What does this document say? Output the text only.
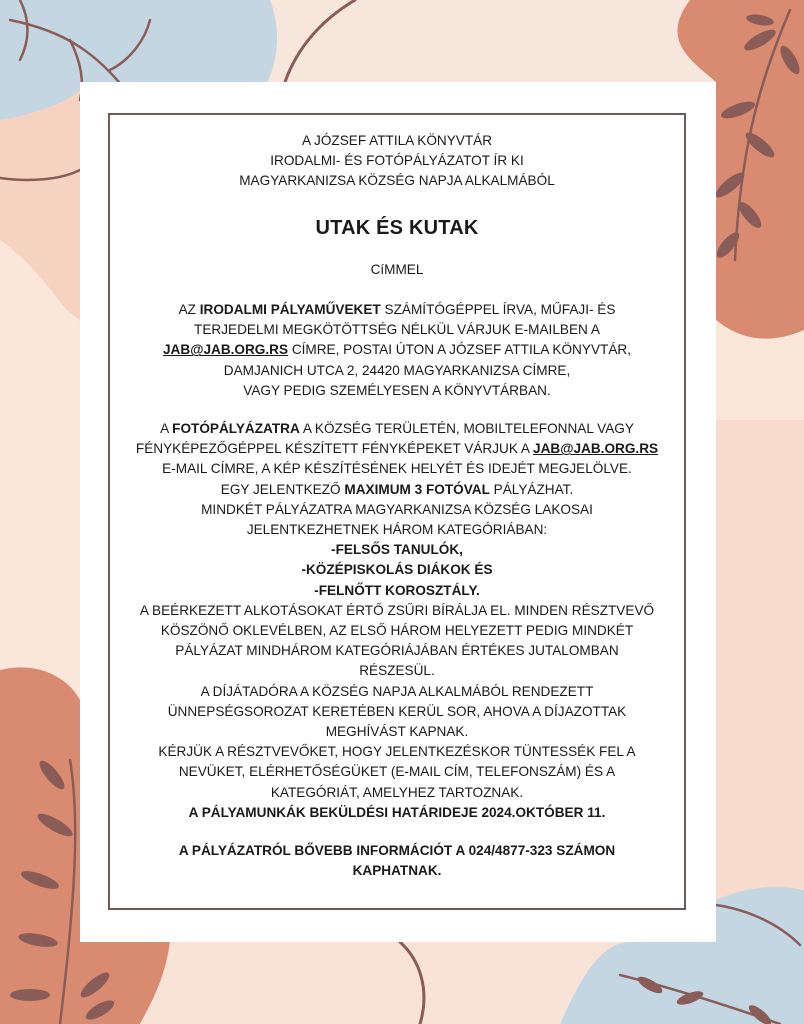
A JÓZSEF ATTILA KÖNYVTÁR

IRODALMI- ÉS FOTÓPÁLYÁZATOT ÍR KI

MAGYARKANIZSA KÖZSÉG NAPJA ALKALMÁBÓL

UTAK ÉS KUTAK

CíMMEL

AZ IRODALMI PÁLYAMŰVEKET SZÁMÍTÓGÉPPEL ÍRVA, MŰFAJI- ÉS

TERJEDELMI MEGKÖTÖTTSÉG NÉLKÜL VÁRJUK E-MAILBEN A

JAB@JAB.ORG.RS CÍMRE, POSTAI ÚTON A JÓZSEF ATTILA KÖNYVTÁR,

DAMJANICH UTCA 2, 24420 MAGYARKANIZSA CÍMRE,

VAGY PEDIG SZEMÉLYESEN A KÖNYVTÁRBAN.

A FOTÓPÁLYÁZATRA A KÖZSÉG TERÜLETÉN, MOBILTELEFONNAL VAGY

FÉNYKÉPEZŐGÉPPEL KÉSZÍTETT FÉNYKÉPEKET VÁRJUK A JAB@JAB.ORG.RS

E-MAIL CÍMRE, A KÉP KÉSZÍTÉSÉNEK HELYÉT ÉS IDEJÉT MEGJELÖLVE.

EGY JELENTKEZŐ MAXIMUM 3 FOTÓVAL PÁLYÁZHAT.

MINDKÉT PÁLYÁZATRA MAGYARKANIZSA KÖZSÉG LAKOSAI

JELENTKEZHETNEK HÁROM KATEGÓRIÁBAN:

-FELSŐS TANULÓK,

-KÖZÉPISKOLÁS DIÁKOK ÉS

-FELNŐTT KOROSZTÁLY.

A BEÉRKEZETT ALKOTÁSOKAT ÉRTŐ ZSŰRI BÍRÁLJA EL. MINDEN RÉSZTVEVŐ

KÖSZÖNŐ OKLEVÉLBEN, AZ ELSŐ HÁROM HELYEZETT PEDIG MINDKÉT

PÁLYÁZAT MINDHÁROM KATEGÓRIÁJÁBAN ÉRTÉKES JUTALOMBAN

RÉSZESÜL.

A DÍJÁTADÓRA A KÖZSÉG NAPJA ALKALMÁBÓL RENDEZETT

ÜNNEPSÉGSOROZAT KERETÉBEN KERÜL SOR, AHOVA A DÍJAZOTTAK

MEGHÍVÁST KAPNAK.

KÉRJÜK A RÉSZTVEVŐKET, HOGY JELENTKEZÉSKOR TÜNTESSÉK FEL A

NEVÜKET, ELÉRHETŐSÉGÜKET (E-MAIL CÍM, TELEFONSZÁM) ÉS A

KATEGÓRIÁT, AMELYHEZ TARTOZNAK.

A PÁLYAMUNKÁK BEKÜLDÉSI HATÁRIDEJE 2024.OKTÓBER 11.

A PÁLYÁZATRÓL BŐVEBB INFORMÁCIÓT A 024/4877-323 SZÁMON

KAPHATNAK.
